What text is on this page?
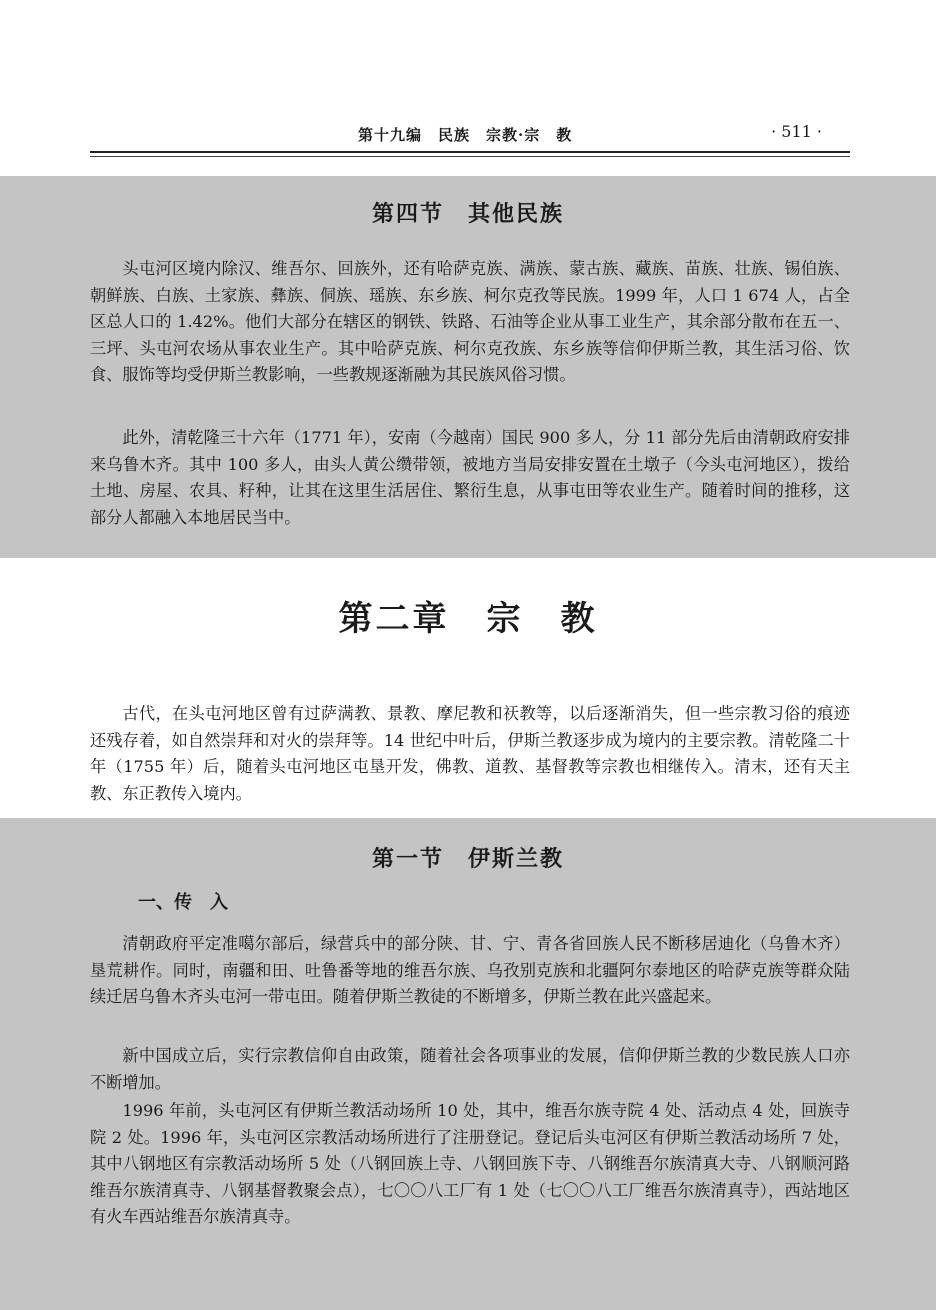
第十九编　民族　宗教·宗　教	· 511 ·
第四节　其他民族

头屯河区境内除汉、维吾尔、回族外，还有哈萨克族、满族、蒙古族、藏族、苗族、壮族、锡伯族、朝鲜族、白族、土家族、彝族、侗族、瑶族、东乡族、柯尔克孜等民族。1999 年，人口 1 674 人，占全区总人口的 1.42%。他们大部分在辖区的钢铁、铁路、石油等企业从事工业生产，其余部分散布在五一、三坪、头屯河农场从事农业生产。其中哈萨克族、柯尔克孜族、东乡族等信仰伊斯兰教，其生活习俗、饮食、服饰等均受伊斯兰教影响，一些教规逐渐融为其民族风俗习惯。

此外，清乾隆三十六年（1771 年），安南（今越南）国民 900 多人，分 11 部分先后由清朝政府安排来乌鲁木齐。其中 100 多人，由头人黄公缵带领，被地方当局安排安置在土墩子（今头屯河地区），拨给土地、房屋、农具、籽种，让其在这里生活居住、繁衍生息，从事屯田等农业生产。随着时间的推移，这部分人都融入本地居民当中。

第二章　宗　教

古代，在头屯河地区曾有过萨满教、景教、摩尼教和祆教等，以后逐渐消失，但一些宗教习俗的痕迹还残存着，如自然崇拜和对火的崇拜等。14 世纪中叶后，伊斯兰教逐步成为境内的主要宗教。清乾隆二十年（1755 年）后，随着头屯河地区屯垦开发，佛教、道教、基督教等宗教也相继传入。清末，还有天主教、东正教传入境内。

第一节　伊斯兰教
一、传　入

清朝政府平定准噶尔部后，绿营兵中的部分陕、甘、宁、青各省回族人民不断移居迪化（乌鲁木齐）垦荒耕作。同时，南疆和田、吐鲁番等地的维吾尔族、乌孜别克族和北疆阿尔泰地区的哈萨克族等群众陆续迁居乌鲁木齐头屯河一带屯田。随着伊斯兰教徒的不断增多，伊斯兰教在此兴盛起来。

新中国成立后，实行宗教信仰自由政策，随着社会各项事业的发展，信仰伊斯兰教的少数民族人口亦不断增加。

1996 年前，头屯河区有伊斯兰教活动场所 10 处，其中，维吾尔族寺院 4 处、活动点 4 处，回族寺院 2 处。1996 年，头屯河区宗教活动场所进行了注册登记。登记后头屯河区有伊斯兰教活动场所 7 处，其中八钢地区有宗教活动场所 5 处（八钢回族上寺、八钢回族下寺、八钢维吾尔族清真大寺、八钢顺河路维吾尔族清真寺、八钢基督教聚会点），七〇〇八工厂有 1 处（七〇〇八工厂维吾尔族清真寺），西站地区有火车西站维吾尔族清真寺。
